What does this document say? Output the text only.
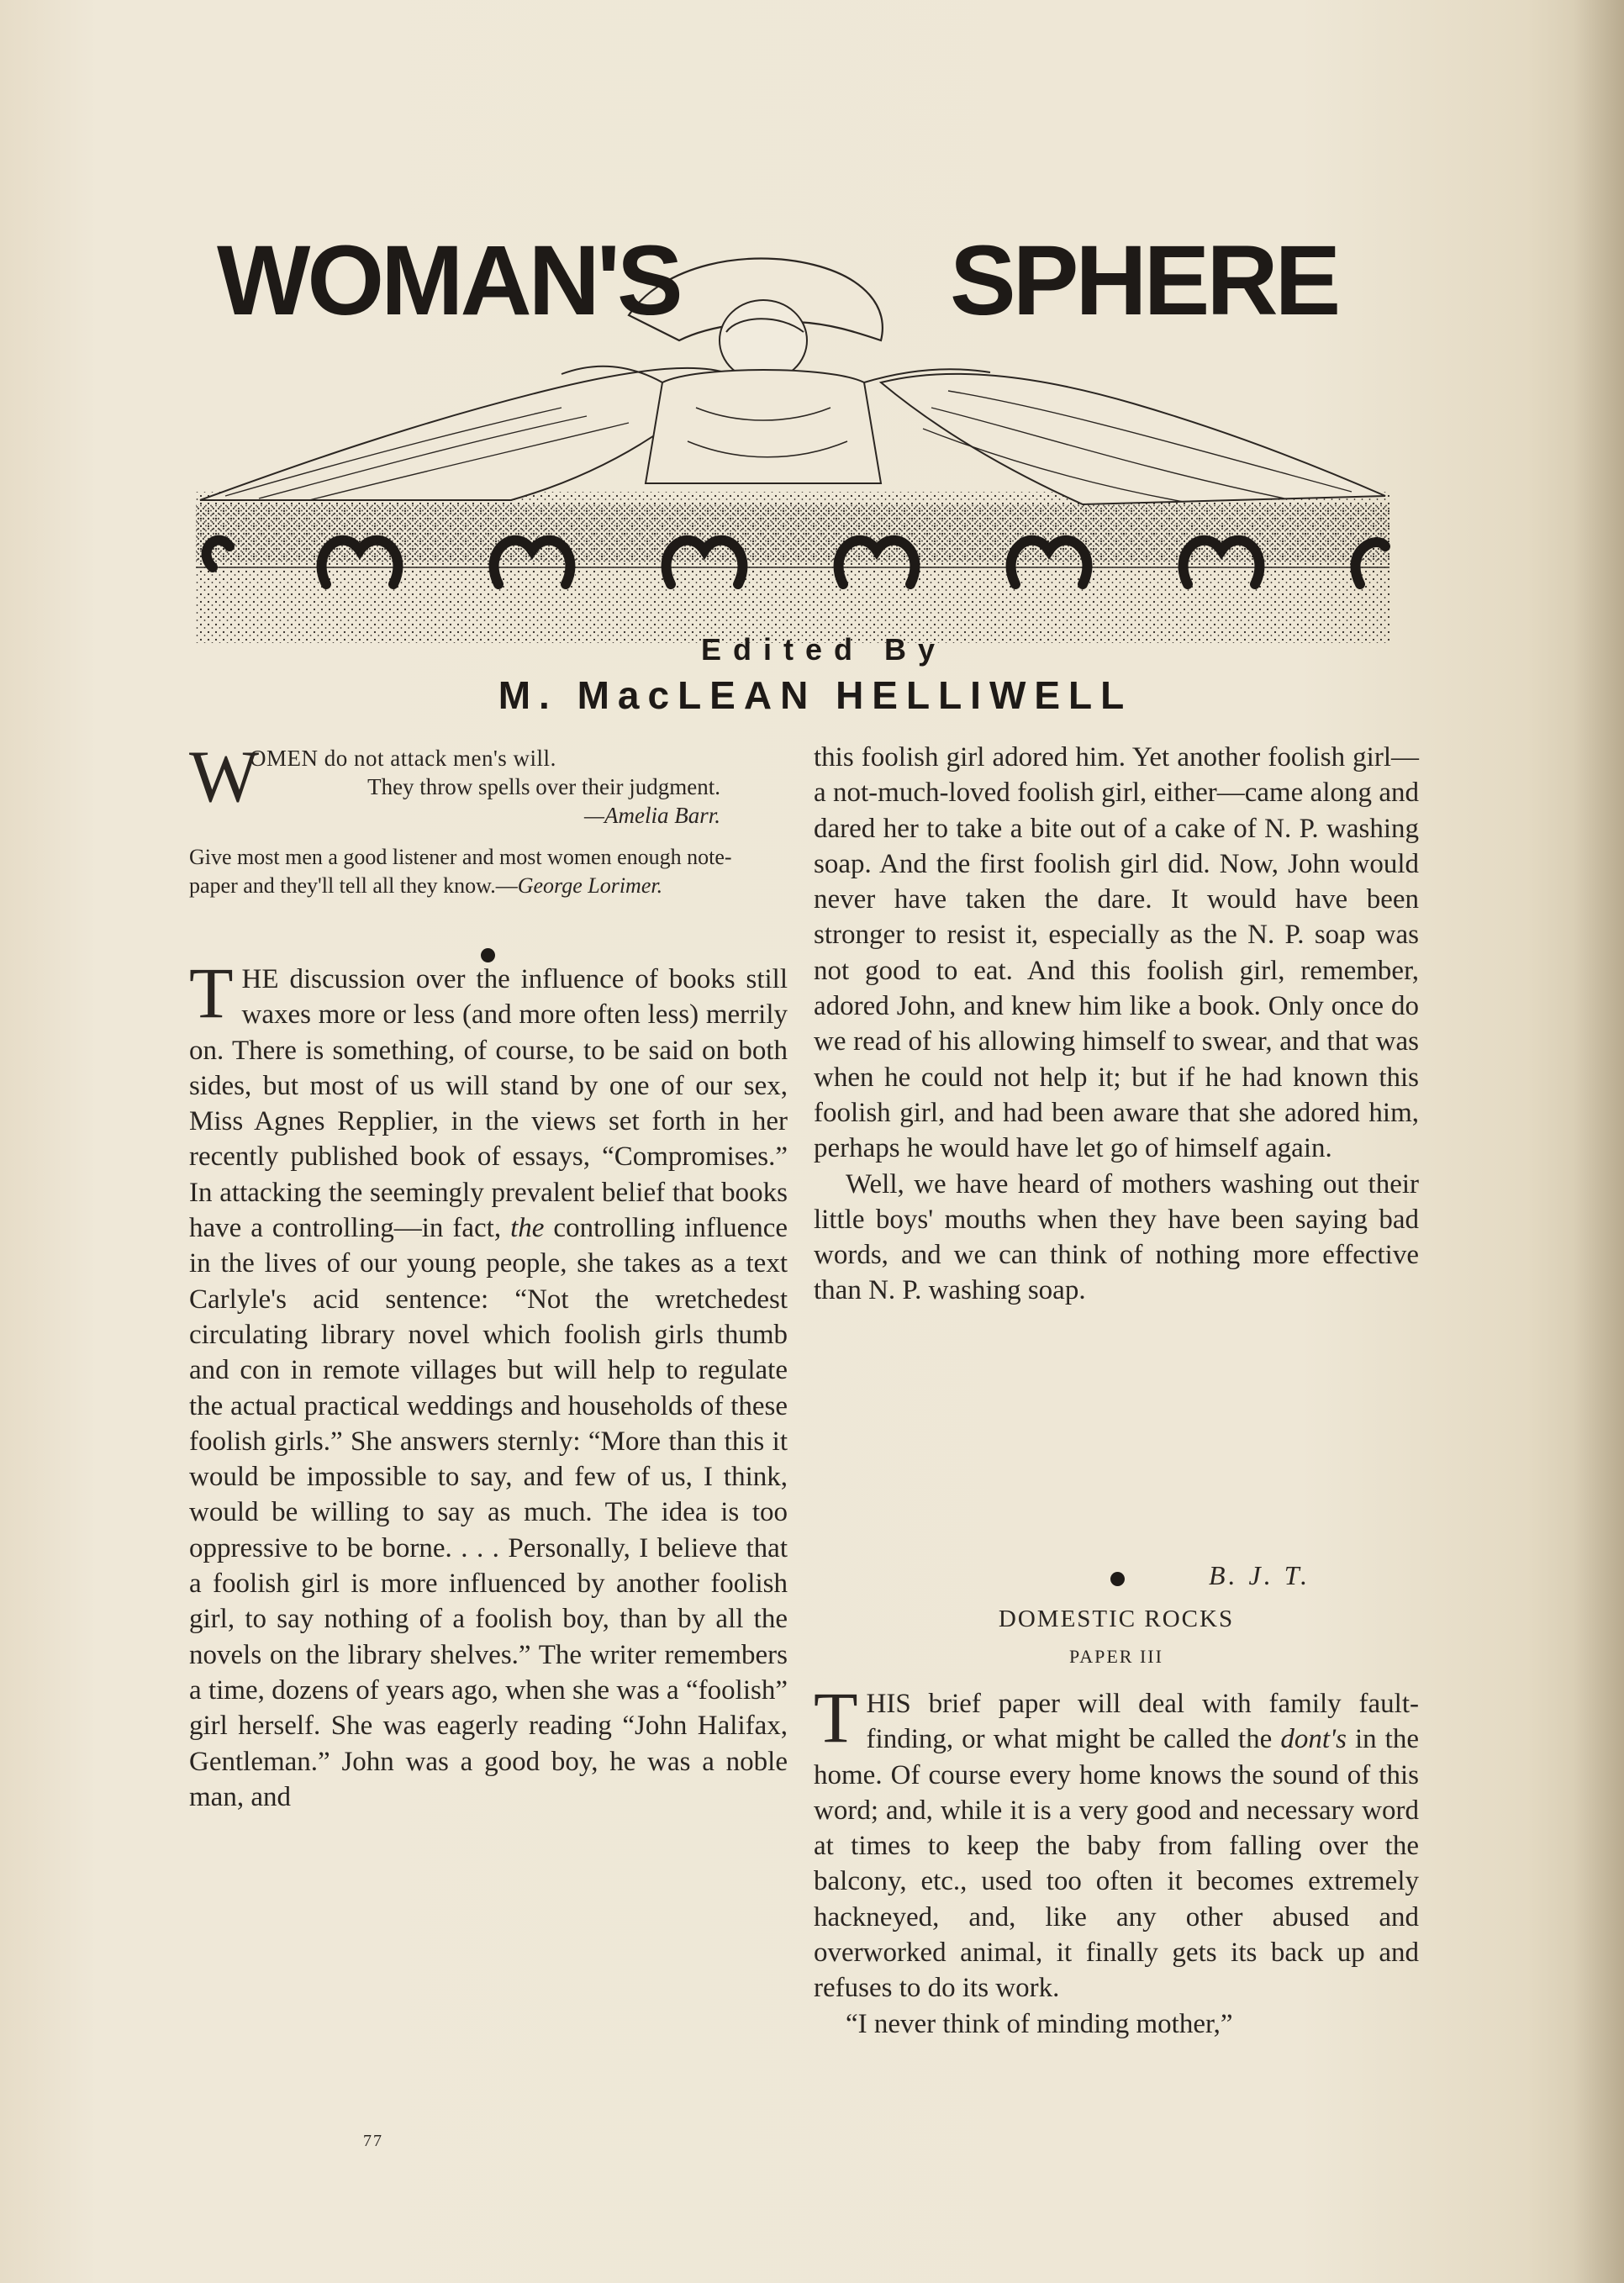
WOMAN'S	SPHERE
Edited By
M. MacLEAN HELLIWELL
W
OMEN do not attack men's will.
They throw spells over their judgment.
—Amelia Barr.
Give most men a good listener and most women enough note-paper and they'll tell all they know.—George Lorimer.

THE discussion over the influence of books still waxes more or less (and more often less) merrily on. There is something, of course, to be said on both sides, but most of us will stand by one of our sex, Miss Agnes Repplier, in the views set forth in her recently published book of essays, “Compromises.” In attacking the seemingly prevalent belief that books have a controlling—in fact, the controlling influence in the lives of our young people, she takes as a text Carlyle's acid sentence: “Not the wretchedest circulating library novel which foolish girls thumb and con in remote villages but will help to regulate the actual practical weddings and households of these foolish girls.” She answers sternly: “More than this it would be impossible to say, and few of us, I think, would be willing to say as much. The idea is too oppressive to be borne. . . . Personally, I believe that a foolish girl is more influenced by another foolish girl, to say nothing of a foolish boy, than by all the novels on the library shelves.” The writer remembers a time, dozens of years ago, when she was a “foolish” girl herself. She was eagerly reading “John Halifax, Gentleman.” John was a good boy, he was a noble man, and

this foolish girl adored him. Yet another foolish girl—a not-much-loved foolish girl, either—came along and dared her to take a bite out of a cake of N. P. washing soap. And the first foolish girl did. Now, John would never have taken the dare. It would have been stronger to resist it, especially as the N. P. soap was not good to eat. And this foolish girl, remember, adored John, and knew him like a book. Only once do we read of his allowing himself to swear, and that was when he could not help it; but if he had known this foolish girl, and had been aware that she adored him, perhaps he would have let go of himself again.

Well, we have heard of mothers washing out their little boys' mouths when they have been saying bad words, and we can think of nothing more effective than N. P. washing soap.

B. J. T.
DOMESTIC ROCKS
PAPER III

THIS brief paper will deal with family fault-finding, or what might be called the dont's in the home. Of course every home knows the sound of this word; and, while it is a very good and necessary word at times to keep the baby from falling over the balcony, etc., used too often it becomes extremely hackneyed, and, like any other abused and overworked animal, it finally gets its back up and refuses to do its work.

“I never think of minding mother,”

77
